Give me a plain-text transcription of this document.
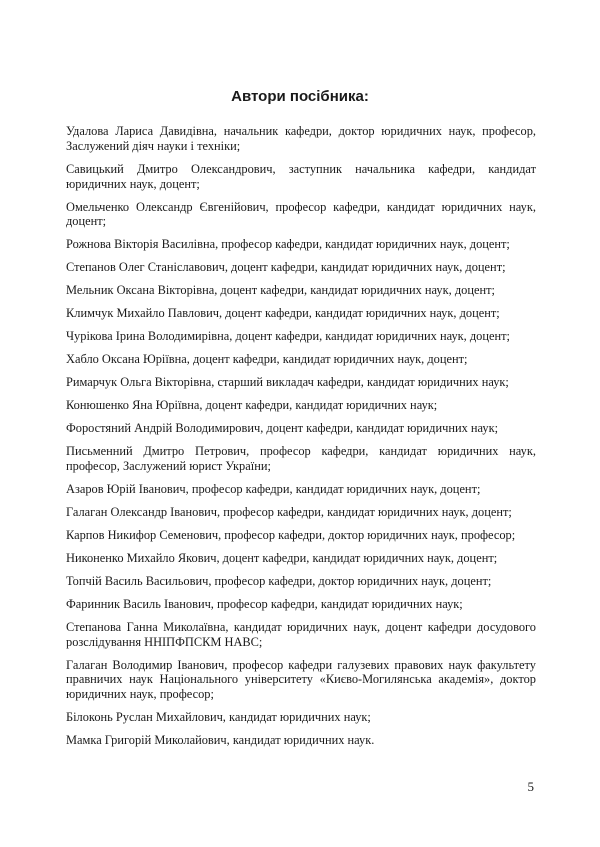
Автори посібника:
Удалова Лариса Давидівна, начальник кафедри, доктор юридичних наук, професор, Заслужений діяч науки і техніки;
Савицький Дмитро Олександрович, заступник начальника кафедри, кандидат юридичних наук, доцент;
Омельченко Олександр Євгенійович, професор кафедри, кандидат юридичних наук, доцент;
Рожнова Вікторія Василівна, професор кафедри, кандидат юридичних наук, доцент;
Степанов Олег Станіславович, доцент кафедри, кандидат юридичних наук, доцент;
Мельник Оксана Вікторівна, доцент кафедри, кандидат юридичних наук, доцент;
Климчук Михайло Павлович, доцент кафедри, кандидат юридичних наук, доцент;
Чурікова Ірина Володимирівна, доцент кафедри, кандидат юридичних наук, доцент;
Хабло Оксана Юріївна, доцент кафедри, кандидат юридичних наук, доцент;
Римарчук Ольга Вікторівна, старший викладач кафедри, кандидат юридичних наук;
Конюшенко Яна Юріївна, доцент кафедри, кандидат юридичних наук;
Форостяний Андрій Володимирович, доцент кафедри, кандидат юридичних наук;
Письменний Дмитро Петрович, професор кафедри, кандидат юридичних наук, професор, Заслужений юрист України;
Азаров Юрій Іванович, професор кафедри, кандидат юридичних наук, доцент;
Галаган Олександр Іванович, професор кафедри, кандидат юридичних наук, доцент;
Карпов Никифор Семенович, професор кафедри, доктор юридичних наук, професор;
Никоненко Михайло Якович, доцент кафедри, кандидат юридичних наук, доцент;
Топчій Василь Васильович, професор кафедри, доктор юридичних наук, доцент;
Фаринник Василь Іванович, професор кафедри, кандидат юридичних наук;
Степанова Ганна Миколаївна, кандидат юридичних наук, доцент кафедри досудового розслідування ННІПФПСКМ НАВС;
Галаган Володимир Іванович, професор кафедри галузевих правових наук факультету правничих наук Національного університету «Києво-Могилянська академія», доктор юридичних наук, професор;
Білоконь Руслан Михайлович, кандидат юридичних наук;
Мамка Григорій Миколайович, кандидат юридичних наук.

5
